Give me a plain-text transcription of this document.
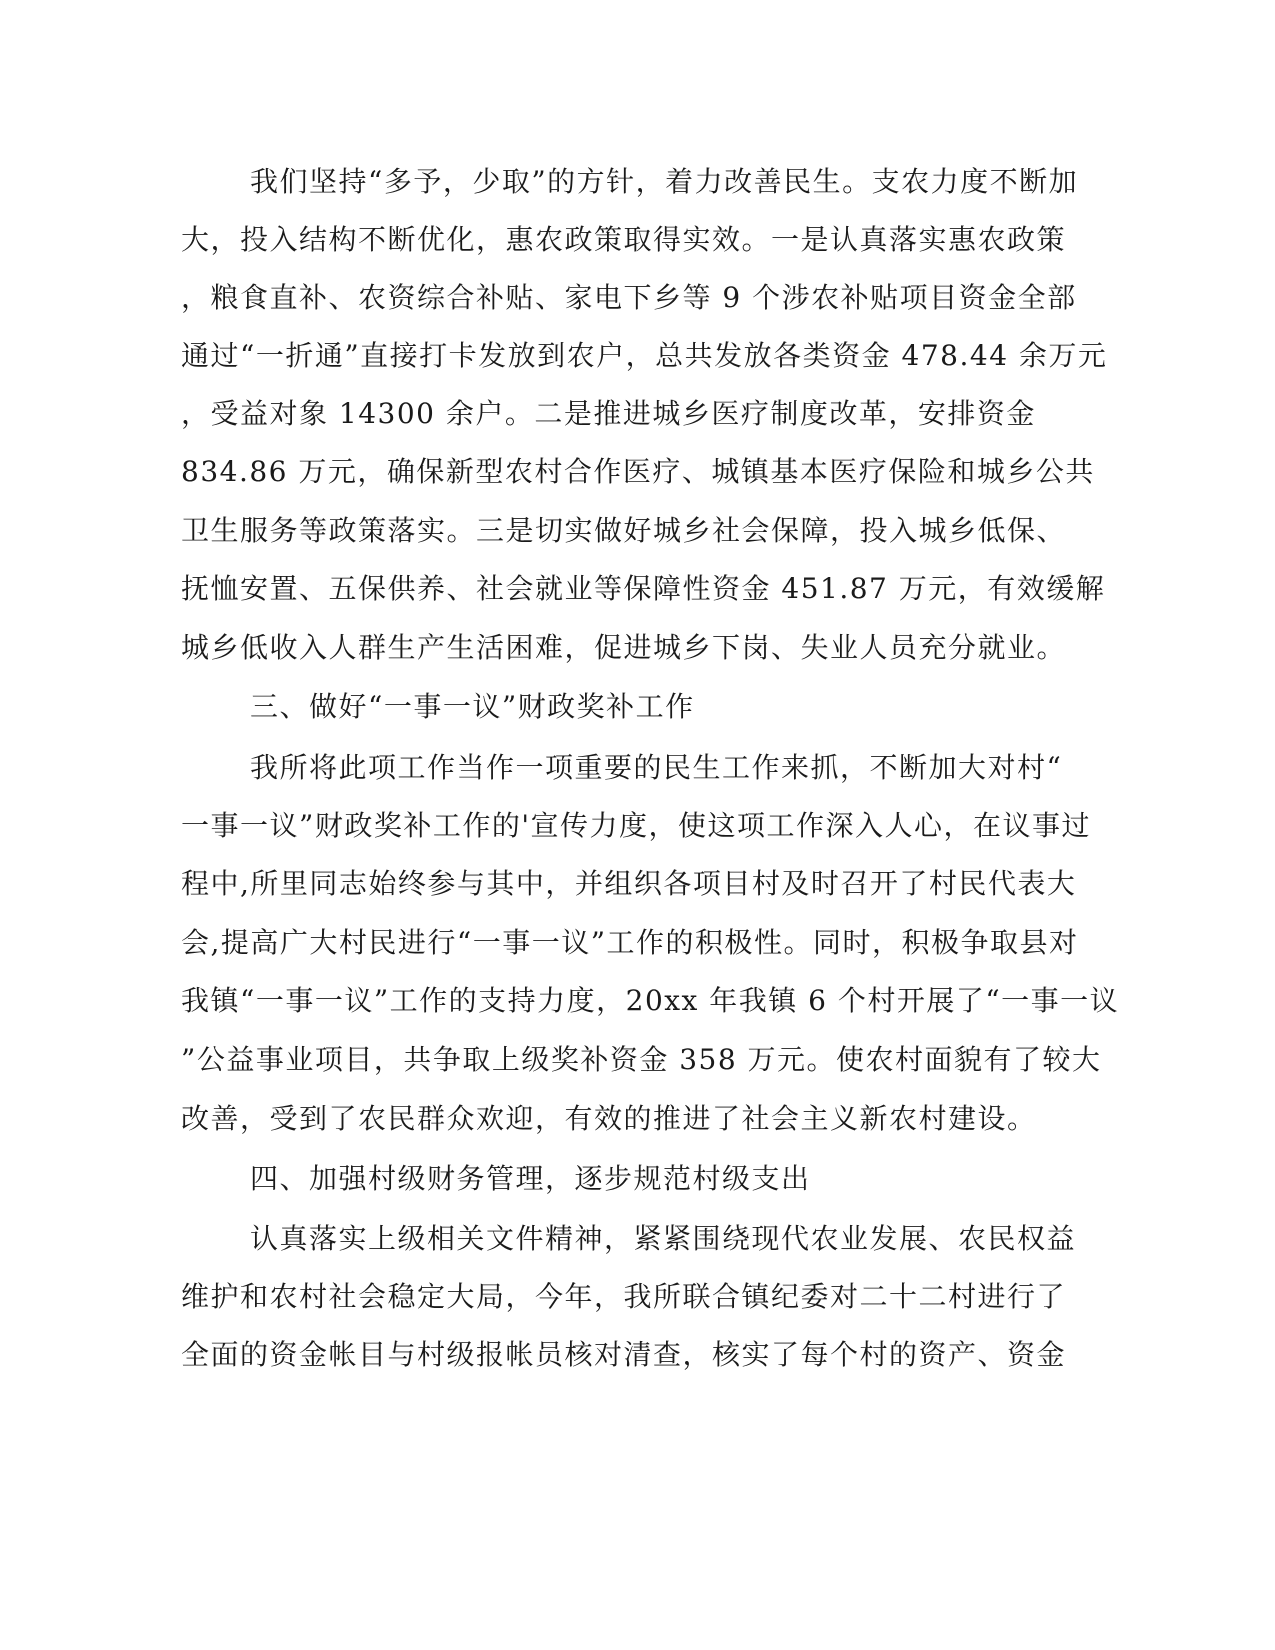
我们坚持“多予，少取”的方针，着力改善民生。支农力度不断加
大，投入结构不断优化，惠农政策取得实效。一是认真落实惠农政策
，粮食直补、农资综合补贴、家电下乡等 9 个涉农补贴项目资金全部
通过“一折通”直接打卡发放到农户，总共发放各类资金 478.44 余万元
，受益对象 14300 余户。二是推进城乡医疗制度改革，安排资金
834.86 万元，确保新型农村合作医疗、城镇基本医疗保险和城乡公共
卫生服务等政策落实。三是切实做好城乡社会保障，投入城乡低保、
抚恤安置、五保供养、社会就业等保障性资金 451.87 万元，有效缓解
城乡低收入人群生产生活困难，促进城乡下岗、失业人员充分就业。
三、做好“一事一议”财政奖补工作
我所将此项工作当作一项重要的民生工作来抓，不断加大对村“
一事一议”财政奖补工作的'宣传力度，使这项工作深入人心，在议事过
程中,所里同志始终参与其中，并组织各项目村及时召开了村民代表大
会,提高广大村民进行“一事一议”工作的积极性。同时，积极争取县对
我镇“一事一议”工作的支持力度，20xx 年我镇 6 个村开展了“一事一议
”公益事业项目，共争取上级奖补资金 358 万元。使农村面貌有了较大
改善，受到了农民群众欢迎，有效的推进了社会主义新农村建设。
四、加强村级财务管理，逐步规范村级支出
认真落实上级相关文件精神，紧紧围绕现代农业发展、农民权益
维护和农村社会稳定大局，今年，我所联合镇纪委对二十二村进行了
全面的资金帐目与村级报帐员核对清查，核实了每个村的资产、资金
